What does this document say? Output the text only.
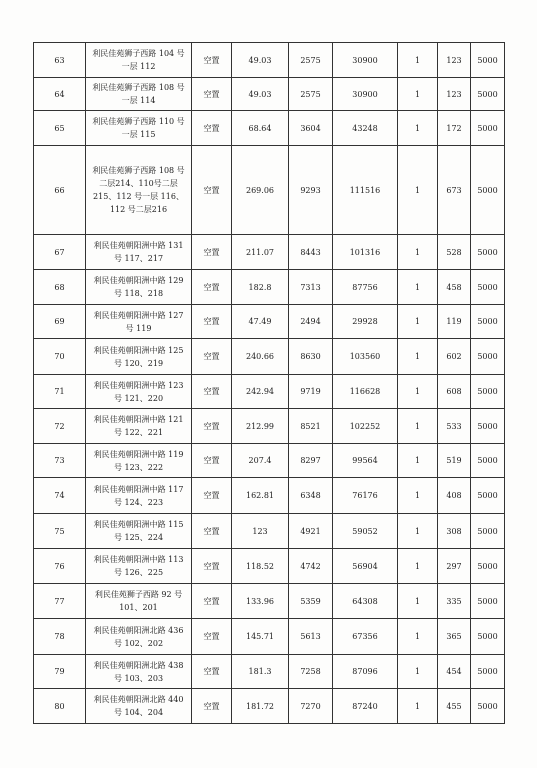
63	利民佳苑狮子西路 104 号一层 112	空置	49.03	2575	30900	1	123	5000
64	利民佳苑狮子西路 108 号一层 114	空置	49.03	2575	30900	1	123	5000
65	利民佳苑狮子西路 110 号一层 115	空置	68.64	3604	43248	1	172	5000
66	利民佳苑狮子西路 108 号二层214、110号二层215、112 号一层 116、112 号二层216	空置	269.06	9293	111516	1	673	5000
67	利民佳苑朝阳洲中路 131 号 117、217	空置	211.07	8443	101316	1	528	5000
68	利民佳苑朝阳洲中路 129 号 118、218	空置	182.8	7313	87756	1	458	5000
69	利民佳苑朝阳洲中路 127 号 119	空置	47.49	2494	29928	1	119	5000
70	利民佳苑朝阳洲中路 125 号 120、219	空置	240.66	8630	103560	1	602	5000
71	利民佳苑朝阳洲中路 123 号 121、220	空置	242.94	9719	116628	1	608	5000
72	利民佳苑朝阳洲中路 121 号 122、221	空置	212.99	8521	102252	1	533	5000
73	利民佳苑朝阳洲中路 119 号 123、222	空置	207.4	8297	99564	1	519	5000
74	利民佳苑朝阳洲中路 117 号 124、223	空置	162.81	6348	76176	1	408	5000
75	利民佳苑朝阳洲中路 115 号 125、224	空置	123	4921	59052	1	308	5000
76	利民佳苑朝阳洲中路 113 号 126、225	空置	118.52	4742	56904	1	297	5000
77	利民佳苑狮子西路 92 号 101、201	空置	133.96	5359	64308	1	335	5000
78	利民佳苑朝阳洲北路 436 号 102、202	空置	145.71	5613	67356	1	365	5000
79	利民佳苑朝阳洲北路 438 号 103、203	空置	181.3	7258	87096	1	454	5000
80	利民佳苑朝阳洲北路 440 号 104、204	空置	181.72	7270	87240	1	455	5000
